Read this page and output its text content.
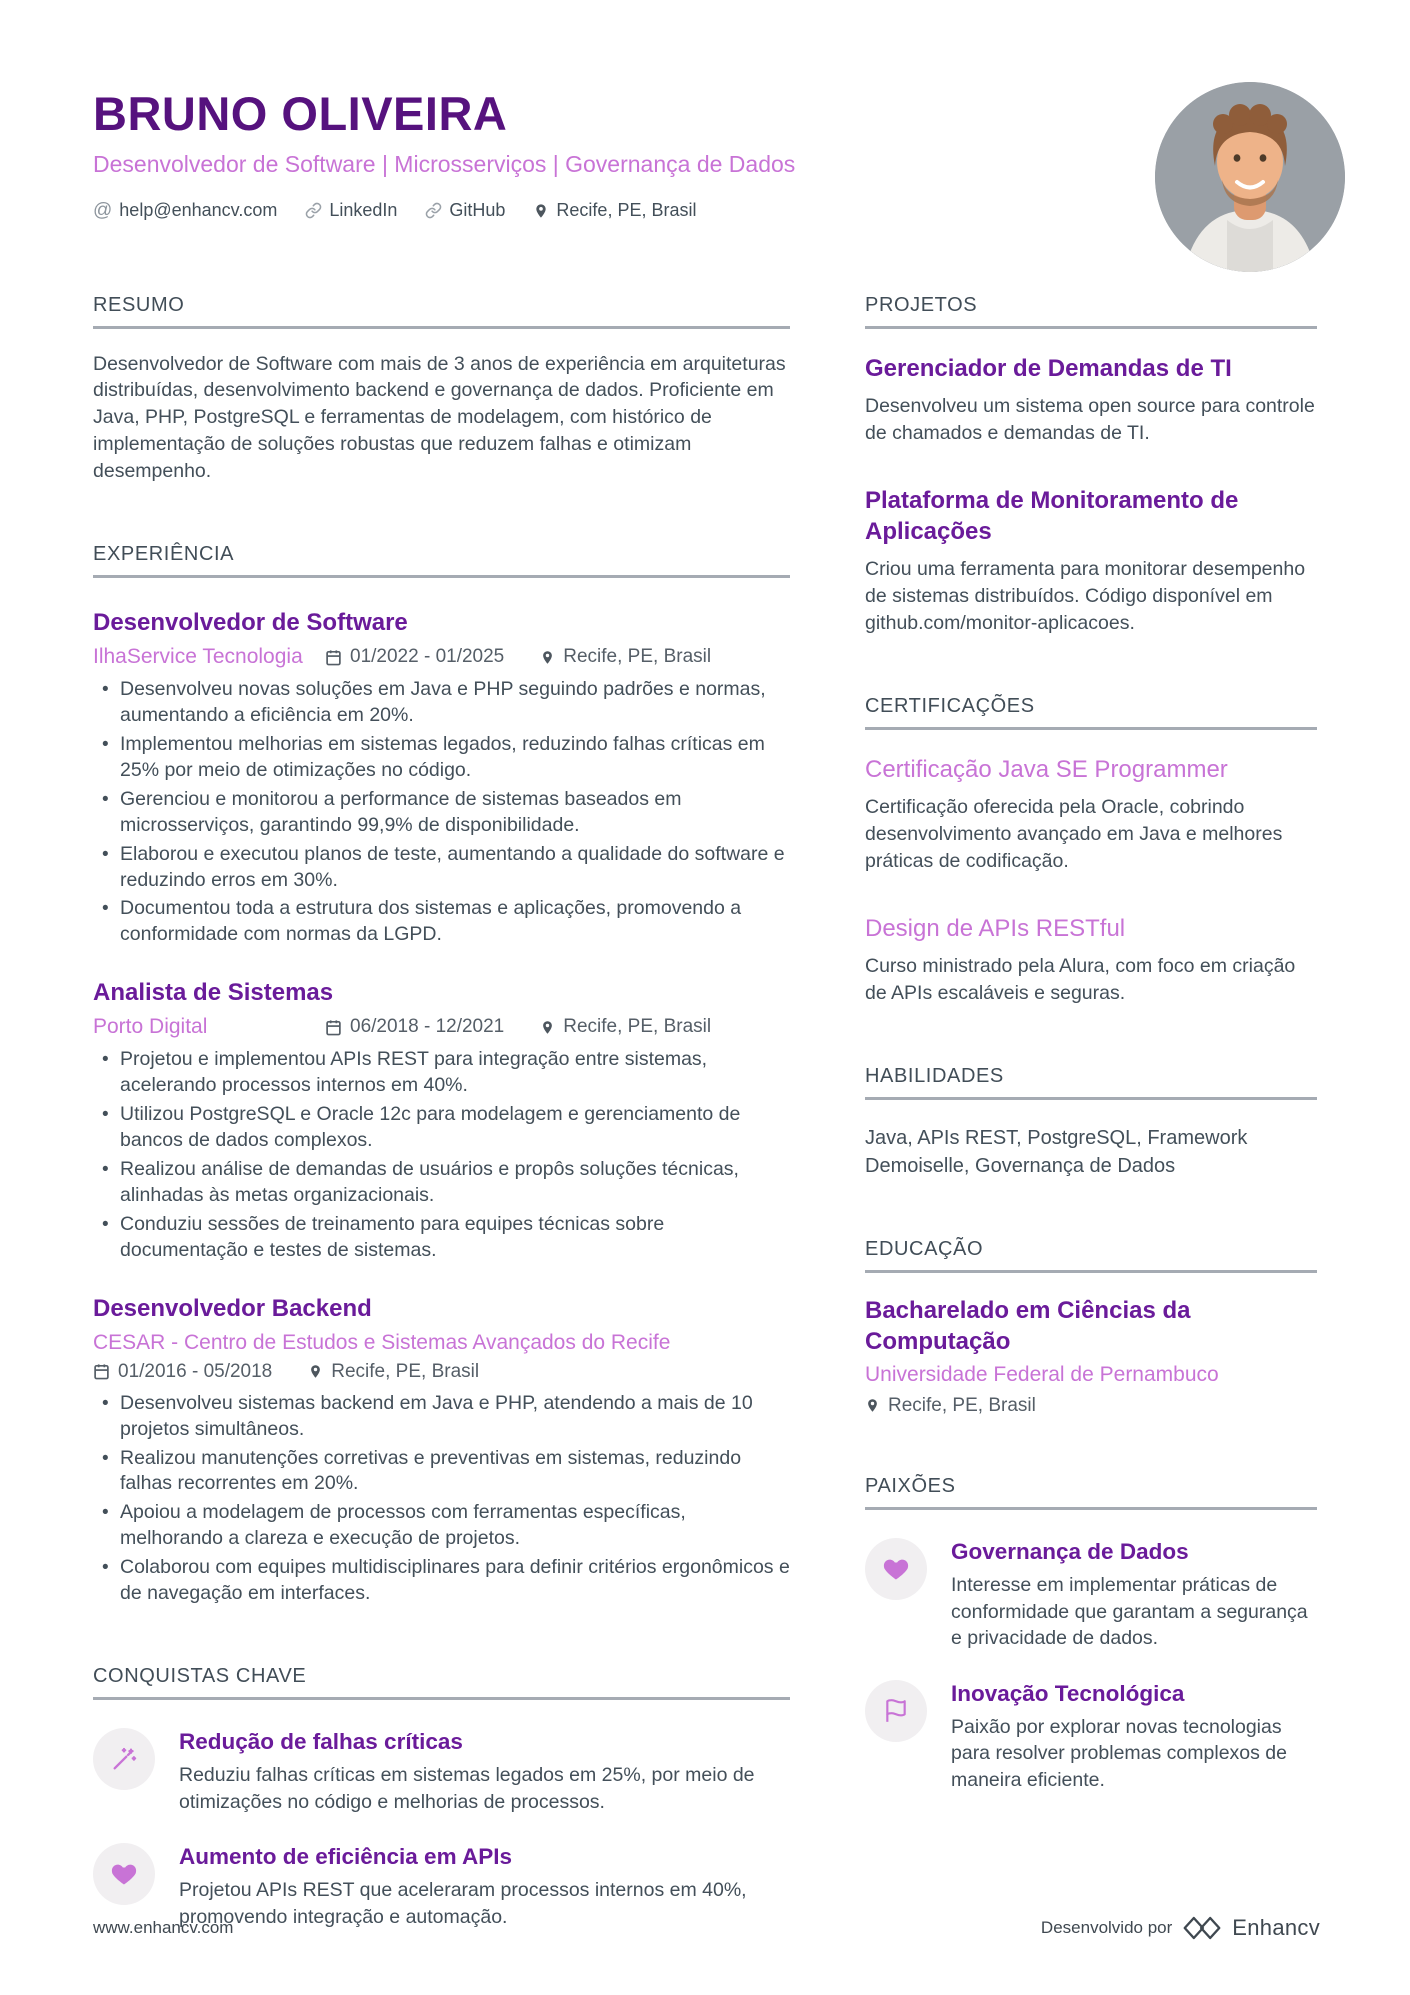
BRUNO OLIVEIRA
Desenvolvedor de Software | Microsserviços | Governança de Dados
@ help@enhancv.com	LinkedIn	GitHub	Recife, PE, Brasil
RESUMO
Desenvolvedor de Software com mais de 3 anos de experiência em arquiteturas distribuídas, desenvolvimento backend e governança de dados. Proficiente em Java, PHP, PostgreSQL e ferramentas de modelagem, com histórico de implementação de soluções robustas que reduzem falhas e otimizam desempenho.
EXPERIÊNCIA
Desenvolvedor de Software
IlhaService Tecnologia	01/2022 - 01/2025	Recife, PE, Brasil
• Desenvolveu novas soluções em Java e PHP seguindo padrões e normas, aumentando a eficiência em 20%.
• Implementou melhorias em sistemas legados, reduzindo falhas críticas em 25% por meio de otimizações no código.
• Gerenciou e monitorou a performance de sistemas baseados em microsserviços, garantindo 99,9% de disponibilidade.
• Elaborou e executou planos de teste, aumentando a qualidade do software e reduzindo erros em 30%.
• Documentou toda a estrutura dos sistemas e aplicações, promovendo a conformidade com normas da LGPD.
Analista de Sistemas
Porto Digital	06/2018 - 12/2021	Recife, PE, Brasil
• Projetou e implementou APIs REST para integração entre sistemas, acelerando processos internos em 40%.
• Utilizou PostgreSQL e Oracle 12c para modelagem e gerenciamento de bancos de dados complexos.
• Realizou análise de demandas de usuários e propôs soluções técnicas, alinhadas às metas organizacionais.
• Conduziu sessões de treinamento para equipes técnicas sobre documentação e testes de sistemas.
Desenvolvedor Backend
CESAR - Centro de Estudos e Sistemas Avançados do Recife
01/2016 - 05/2018	Recife, PE, Brasil
• Desenvolveu sistemas backend em Java e PHP, atendendo a mais de 10 projetos simultâneos.
• Realizou manutenções corretivas e preventivas em sistemas, reduzindo falhas recorrentes em 20%.
• Apoiou a modelagem de processos com ferramentas específicas, melhorando a clareza e execução de projetos.
• Colaborou com equipes multidisciplinares para definir critérios ergonômicos e de navegação em interfaces.
CONQUISTAS CHAVE
Redução de falhas críticas
Reduziu falhas críticas em sistemas legados em 25%, por meio de otimizações no código e melhorias de processos.
Aumento de eficiência em APIs
Projetou APIs REST que aceleraram processos internos em 40%, promovendo integração e automação.
PROJETOS
Gerenciador de Demandas de TI
Desenvolveu um sistema open source para controle de chamados e demandas de TI.
Plataforma de Monitoramento de Aplicações
Criou uma ferramenta para monitorar desempenho de sistemas distribuídos. Código disponível em github.com/monitor-aplicacoes.
CERTIFICAÇÕES
Certificação Java SE Programmer
Certificação oferecida pela Oracle, cobrindo desenvolvimento avançado em Java e melhores práticas de codificação.
Design de APIs RESTful
Curso ministrado pela Alura, com foco em criação de APIs escaláveis e seguras.
HABILIDADES
Java, APIs REST, PostgreSQL, Framework Demoiselle, Governança de Dados
EDUCAÇÃO
Bacharelado em Ciências da Computação
Universidade Federal de Pernambuco
Recife, PE, Brasil
PAIXÕES
Governança de Dados
Interesse em implementar práticas de conformidade que garantam a segurança e privacidade de dados.
Inovação Tecnológica
Paixão por explorar novas tecnologias para resolver problemas complexos de maneira eficiente.
www.enhancv.com	Desenvolvido por	Enhancv
